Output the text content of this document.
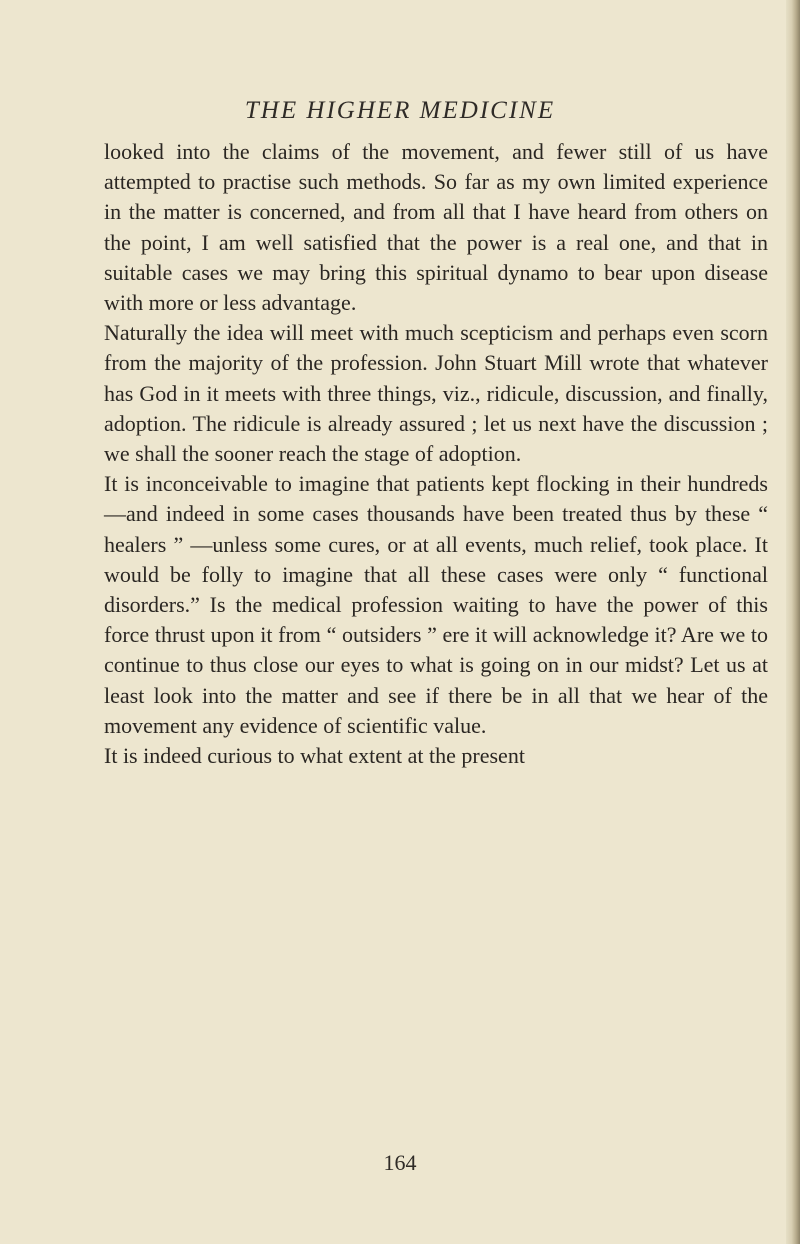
THE HIGHER MEDICINE

looked into the claims of the movement, and fewer still of us have attempted to practise such methods. So far as my own limited experience in the matter is concerned, and from all that I have heard from others on the point, I am well satisfied that the power is a real one, and that in suitable cases we may bring this spiritual dynamo to bear upon disease with more or less advantage.

Naturally the idea will meet with much scepticism and perhaps even scorn from the majority of the profession. John Stuart Mill wrote that whatever has God in it meets with three things, viz., ridicule, discussion, and finally, adoption. The ridicule is already assured ; let us next have the discussion ; we shall the sooner reach the stage of adoption.

It is inconceivable to imagine that patients kept flocking in their hundreds—and indeed in some cases thousands have been treated thus by these “ healers ” —unless some cures, or at all events, much relief, took place. It would be folly to imagine that all these cases were only “ functional disorders.” Is the medical profession waiting to have the power of this force thrust upon it from “ outsiders ” ere it will acknowledge it? Are we to continue to thus close our eyes to what is going on in our midst? Let us at least look into the matter and see if there be in all that we hear of the movement any evidence of scientific value.

It is indeed curious to what extent at the present

164
